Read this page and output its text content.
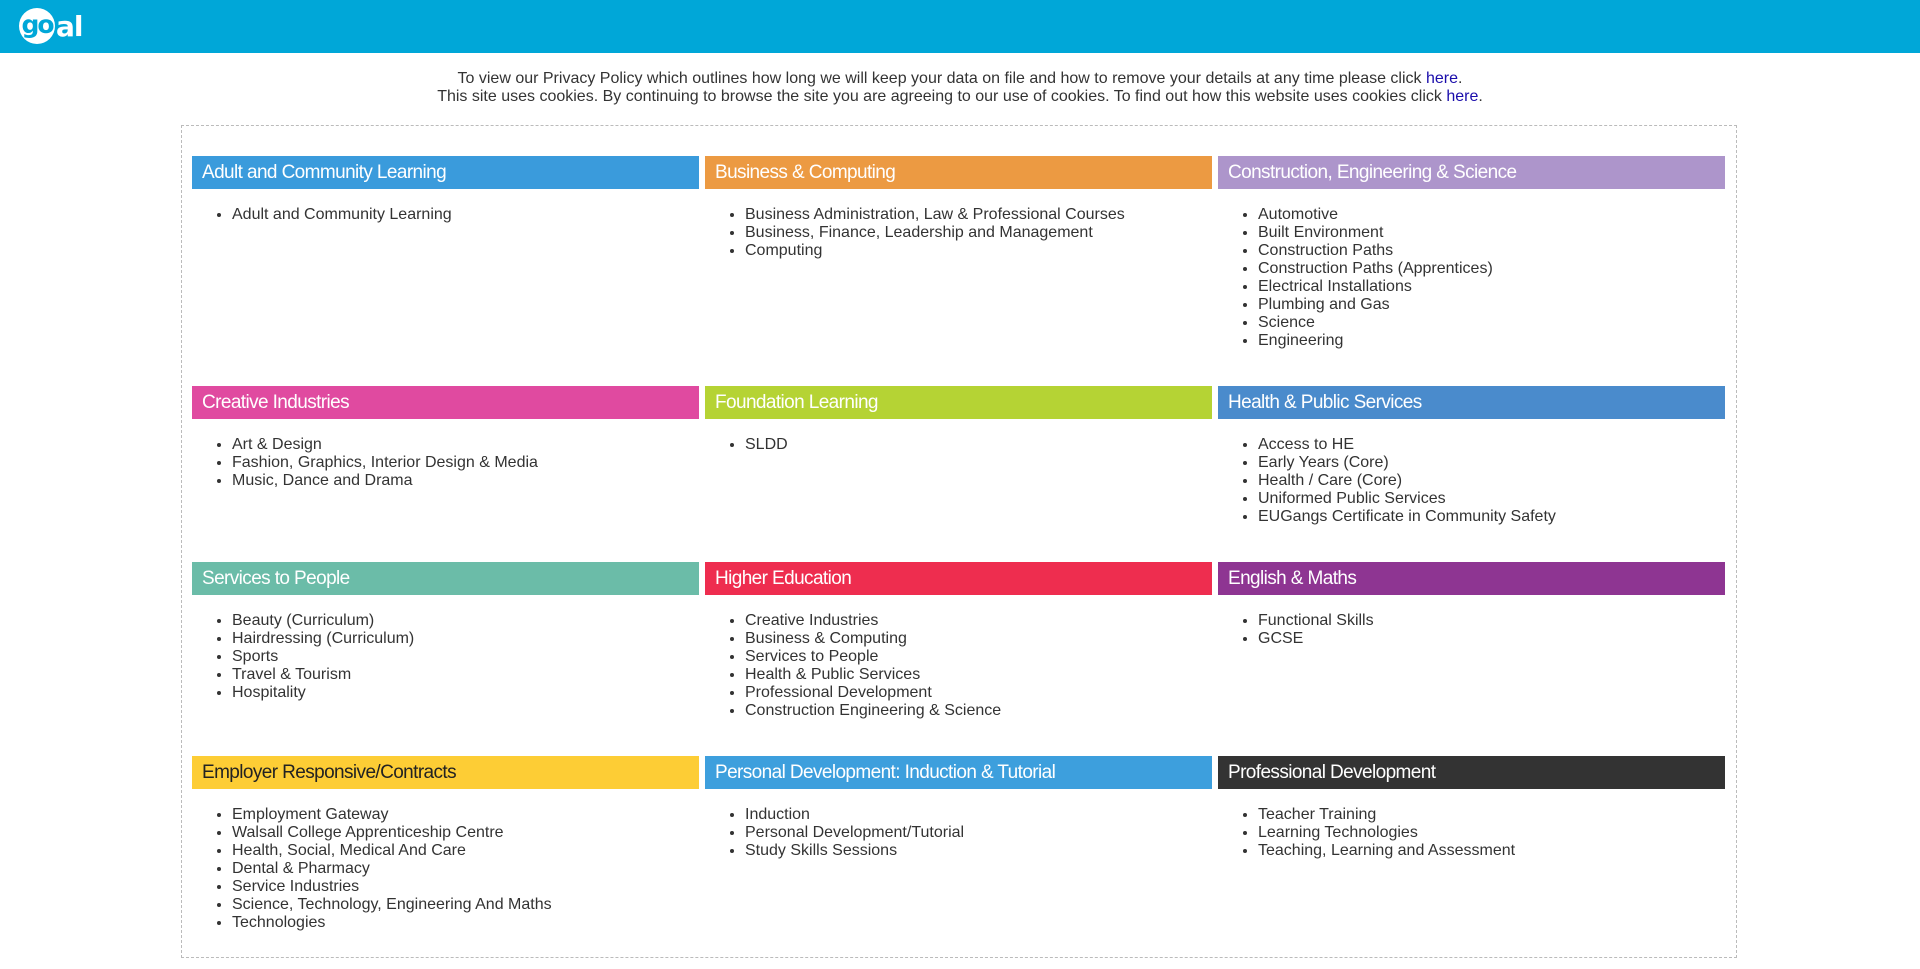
go al
To view our Privacy Policy which outlines how long we will keep your data on file and how to remove your details at any time please click here.
This site uses cookies. By continuing to browse the site you are agreeing to our use of cookies. To find out how this website uses cookies click here.
Adult and Community Learning
• Adult and Community Learning
Business & Computing
• Business Administration, Law & Professional Courses
• Business, Finance, Leadership and Management
• Computing
Construction, Engineering & Science
• Automotive
• Built Environment
• Construction Paths
• Construction Paths (Apprentices)
• Electrical Installations
• Plumbing and Gas
• Science
• Engineering
Creative Industries
• Art & Design
• Fashion, Graphics, Interior Design & Media
• Music, Dance and Drama
Foundation Learning
• SLDD
Health & Public Services
• Access to HE
• Early Years (Core)
• Health / Care (Core)
• Uniformed Public Services
• EUGangs Certificate in Community Safety
Services to People
• Beauty (Curriculum)
• Hairdressing (Curriculum)
• Sports
• Travel & Tourism
• Hospitality
Higher Education
• Creative Industries
• Business & Computing
• Services to People
• Health & Public Services
• Professional Development
• Construction Engineering & Science
English & Maths
• Functional Skills
• GCSE
Employer Responsive/Contracts
• Employment Gateway
• Walsall College Apprenticeship Centre
• Health, Social, Medical And Care
• Dental & Pharmacy
• Service Industries
• Science, Technology, Engineering And Maths
• Technologies
Personal Development: Induction & Tutorial
• Induction
• Personal Development/Tutorial
• Study Skills Sessions
Professional Development
• Teacher Training
• Learning Technologies
• Teaching, Learning and Assessment
